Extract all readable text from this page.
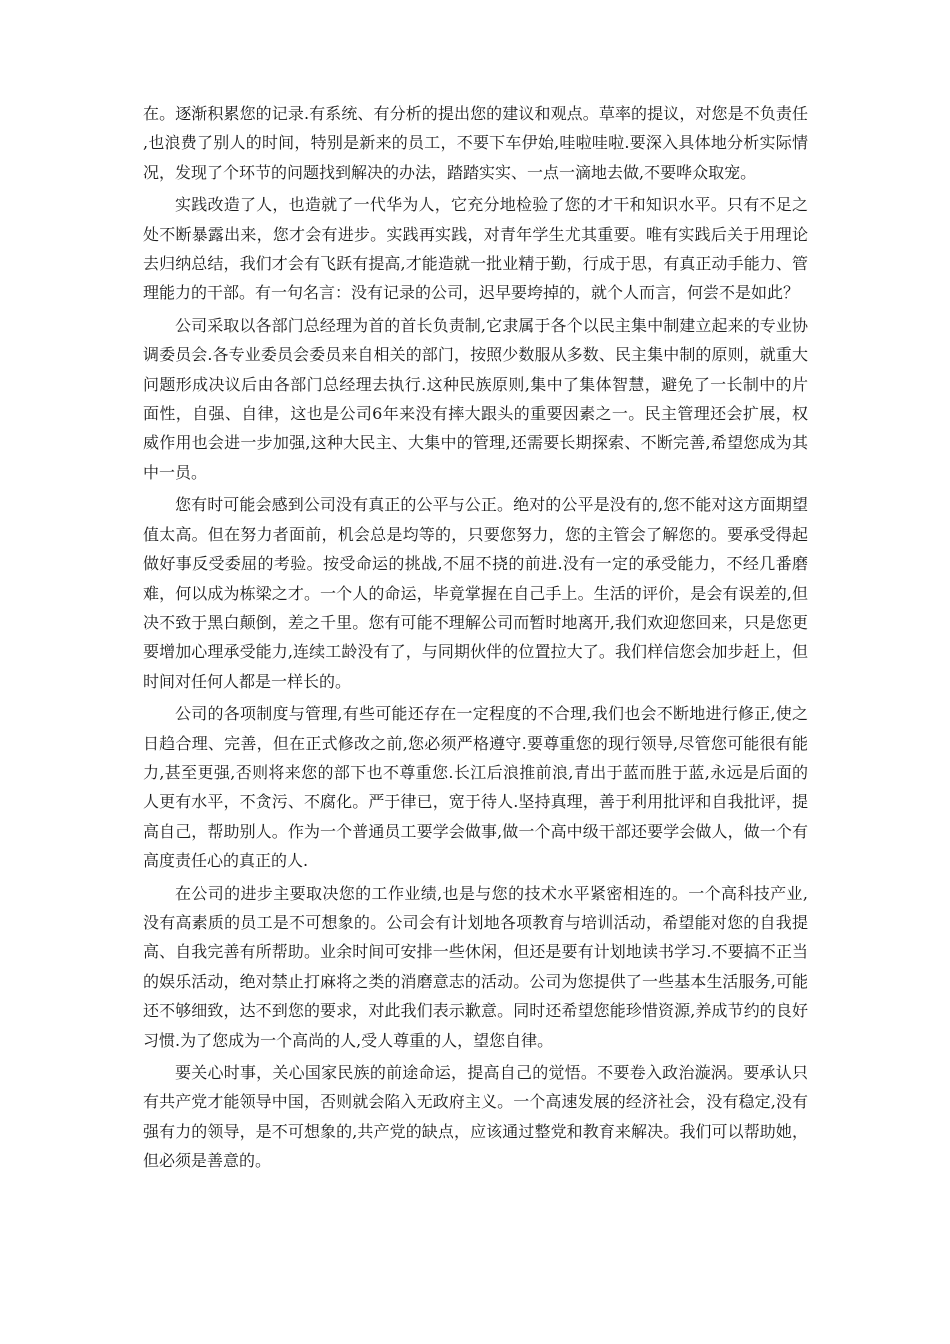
在。逐渐积累您的记录.有系统、有分析的提出您的建议和观点。草率的提议，对您是不负责任,也浪费了别人的时间，特别是新来的员工，不要下车伊始,哇啦哇啦.要深入具体地分析实际情况，发现了个环节的问题找到解决的办法，踏踏实实、一点一滴地去做,不要哗众取宠。

实践改造了人，也造就了一代华为人，它充分地检验了您的才干和知识水平。只有不足之处不断暴露出来，您才会有进步。实践再实践，对青年学生尤其重要。唯有实践后关于用理论去归纳总结，我们才会有飞跃有提高,才能造就一批业精于勤，行成于思，有真正动手能力、管理能力的干部。有一句名言：没有记录的公司，迟早要垮掉的，就个人而言，何尝不是如此？

公司采取以各部门总经理为首的首长负责制,它隶属于各个以民主集中制建立起来的专业协调委员会.各专业委员会委员来自相关的部门，按照少数服从多数、民主集中制的原则，就重大问题形成决议后由各部门总经理去执行.这种民族原则,集中了集体智慧，避免了一长制中的片面性，自强、自律，这也是公司6年来没有摔大跟头的重要因素之一。民主管理还会扩展，权威作用也会进一步加强,这种大民主、大集中的管理,还需要长期探索、不断完善,希望您成为其中一员。

您有时可能会感到公司没有真正的公平与公正。绝对的公平是没有的,您不能对这方面期望值太高。但在努力者面前，机会总是均等的，只要您努力，您的主管会了解您的。要承受得起做好事反受委屈的考验。按受命运的挑战,不屈不挠的前进.没有一定的承受能力，不经几番磨难，何以成为栋梁之才。一个人的命运，毕竟掌握在自己手上。生活的评价，是会有误差的,但决不致于黑白颠倒，差之千里。您有可能不理解公司而暂时地离开,我们欢迎您回来，只是您更要增加心理承受能力,连续工龄没有了，与同期伙伴的位置拉大了。我们样信您会加步赶上，但时间对任何人都是一样长的。

公司的各项制度与管理,有些可能还存在一定程度的不合理,我们也会不断地进行修正,使之日趋合理、完善，但在正式修改之前,您必须严格遵守.要尊重您的现行领导,尽管您可能很有能力,甚至更强,否则将来您的部下也不尊重您.长江后浪推前浪,青出于蓝而胜于蓝,永远是后面的人更有水平，不贪污、不腐化。严于律已，宽于待人.坚持真理，善于利用批评和自我批评，提高自己，帮助别人。作为一个普通员工要学会做事,做一个高中级干部还要学会做人，做一个有高度责任心的真正的人.

在公司的进步主要取决您的工作业绩,也是与您的技术水平紧密相连的。一个高科技产业,没有高素质的员工是不可想象的。公司会有计划地各项教育与培训活动，希望能对您的自我提高、自我完善有所帮助。业余时间可安排一些休闲，但还是要有计划地读书学习.不要搞不正当的娱乐活动，绝对禁止打麻将之类的消磨意志的活动。公司为您提供了一些基本生活服务,可能还不够细致，达不到您的要求，对此我们表示歉意。同时还希望您能珍惜资源,养成节约的良好习惯.为了您成为一个高尚的人,受人尊重的人，望您自律。

要关心时事，关心国家民族的前途命运，提高自己的觉悟。不要卷入政治漩涡。要承认只有共产党才能领导中国，否则就会陷入无政府主义。一个高速发展的经济社会，没有稳定,没有强有力的领导，是不可想象的,共产党的缺点，应该通过整党和教育来解决。我们可以帮助她，但必须是善意的。
